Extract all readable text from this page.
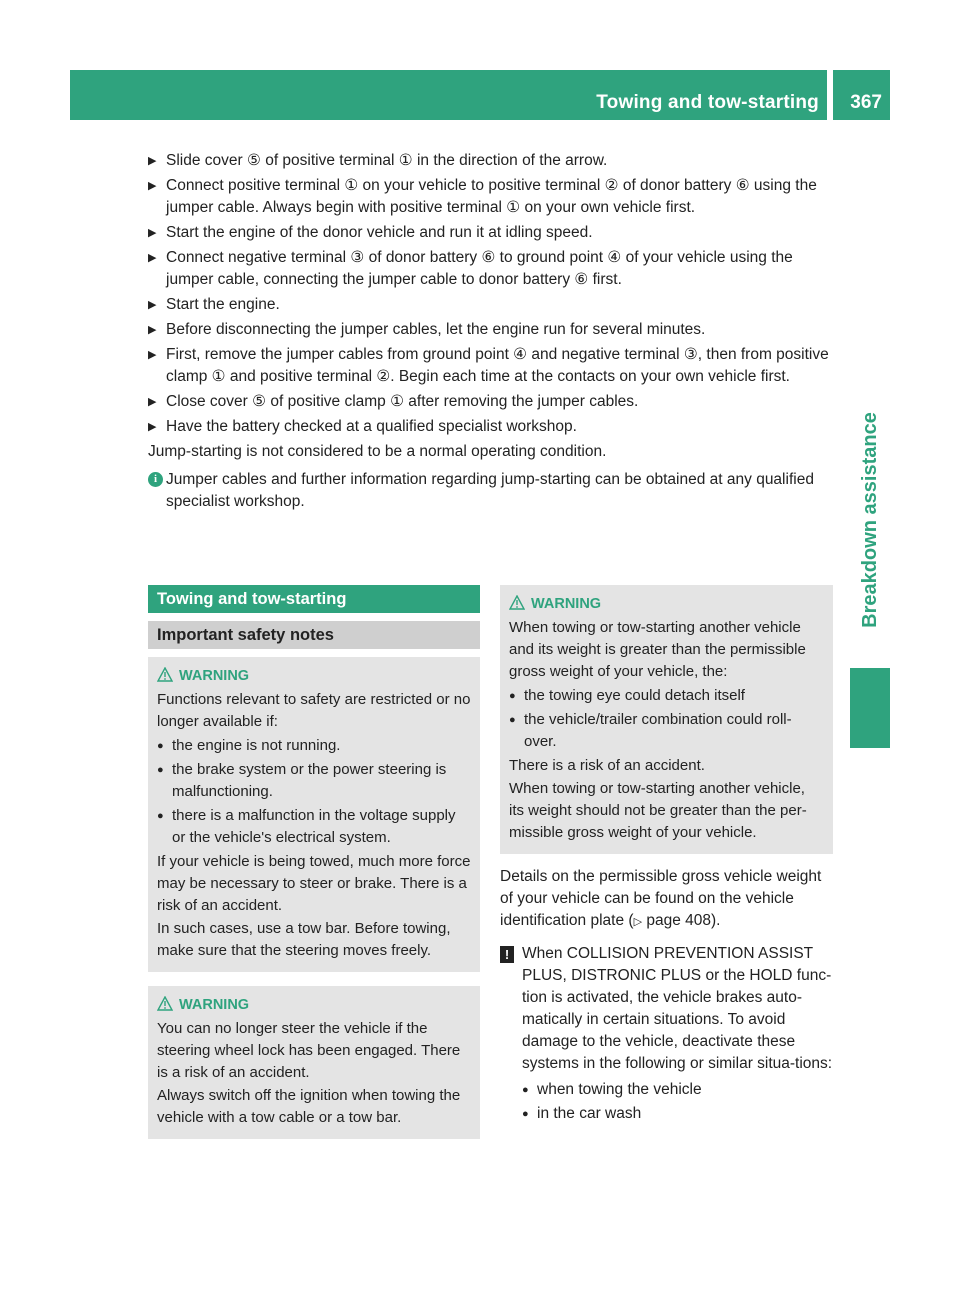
Towing and tow-starting 367
Breakdown assistance
▶ Slide cover ⑤ of positive terminal ① in the direction of the arrow.
▶ Connect positive terminal ① on your vehicle to positive terminal ② of donor battery ⑥ using the jumper cable. Always begin with positive terminal ① on your own vehicle first.
▶ Start the engine of the donor vehicle and run it at idling speed.
▶ Connect negative terminal ③ of donor battery ⑥ to ground point ④ of your vehicle using the jumper cable, connecting the jumper cable to donor battery ⑥ first.
▶ Start the engine.
▶ Before disconnecting the jumper cables, let the engine run for several minutes.
▶ First, remove the jumper cables from ground point ④ and negative terminal ③, then from positive clamp ① and positive terminal ②. Begin each time at the contacts on your own vehicle first.
▶ Close cover ⑤ of positive clamp ① after removing the jumper cables.
▶ Have the battery checked at a qualified specialist workshop.
Jump-starting is not considered to be a normal operating condition.
i Jumper cables and further information regarding jump-starting can be obtained at any qualified specialist workshop.
Towing and tow-starting
Important safety notes
WARNING

Functions relevant to safety are restricted or no longer available if:

● the engine is not running.
● the brake system or the power steering is malfunctioning.
● there is a malfunction in the voltage supply or the vehicle's electrical system.

If your vehicle is being towed, much more force may be necessary to steer or brake. There is a risk of an accident.

In such cases, use a tow bar. Before towing, make sure that the steering moves freely.

WARNING

You can no longer steer the vehicle if the steering wheel lock has been engaged. There is a risk of an accident.

Always switch off the ignition when towing the vehicle with a tow cable or a tow bar.

WARNING

When towing or tow-starting another vehicle and its weight is greater than the permissible gross weight of your vehicle, the:

● the towing eye could detach itself
● the vehicle/trailer combination could roll-over.

There is a risk of an accident.

When towing or tow-starting another vehicle, its weight should not be greater than the per-missible gross weight of your vehicle.

Details on the permissible gross vehicle weight of your vehicle can be found on the vehicle identification plate (▷ page 408).
! When COLLISION PREVENTION ASSIST PLUS, DISTRONIC PLUS or the HOLD func-tion is activated, the vehicle brakes auto-matically in certain situations. To avoid damage to the vehicle, deactivate these systems in the following or similar situa-tions:
● when towing the vehicle
● in the car wash
